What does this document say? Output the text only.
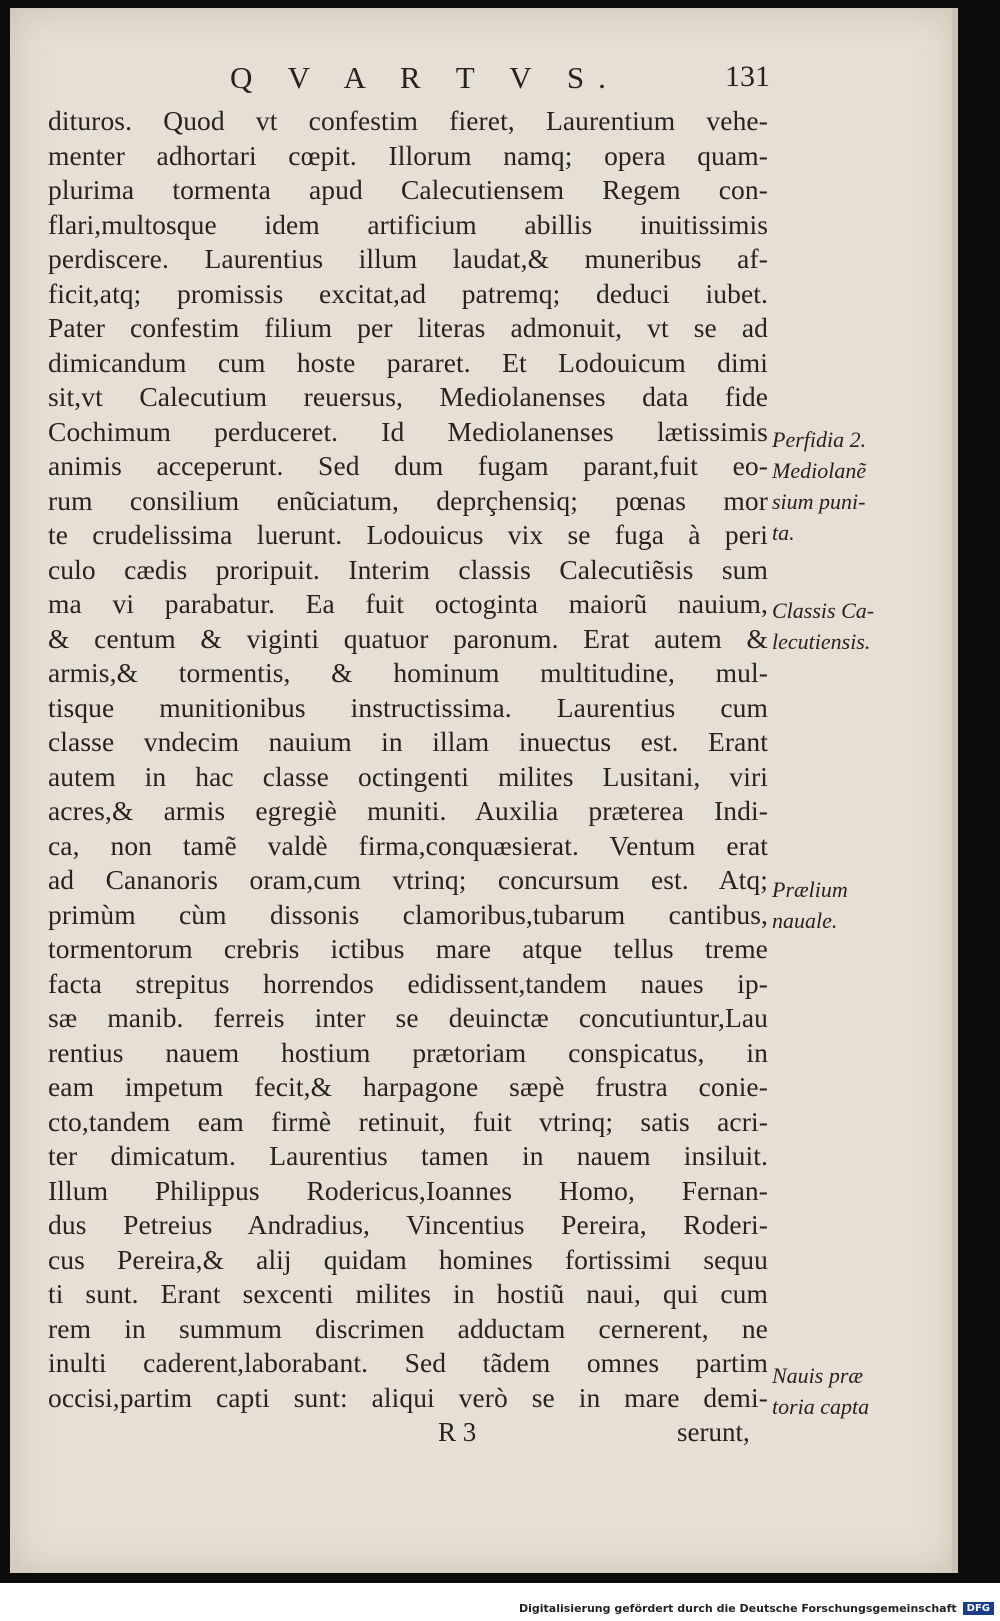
Q V A R T V S.	131
dituros. Quod vt confestim fieret, Laurentium vehe-
menter adhortari cœpit. Illorum namq; opera quam-
plurima tormenta apud Calecutiensem Regem con-
flari,multosque idem artificium abillis inuitissimis
perdiscere. Laurentius illum laudat,& muneribus af-
ficit,atq; promissis excitat,ad patremq; deduci iubet.
Pater confestim filium per literas admonuit, vt se ad
dimicandum cum hoste pararet. Et Lodouicum dimi
sit,vt Calecutium reuersus, Mediolanenses data fide
Cochimum perduceret. Id Mediolanenses lætissimis
animis acceperunt. Sed dum fugam parant,fuit eo-
rum consilium enũciatum, deprçhensiq; pœnas mor
te crudelissima luerunt. Lodouicus vix se fuga à peri
culo cædis proripuit. Interim classis Calecutiẽsis sum
ma vi parabatur. Ea fuit octoginta maiorũ nauium,
& centum & viginti quatuor paronum. Erat autem &
armis,& tormentis, & hominum multitudine, mul-
tisque munitionibus instructissima. Laurentius cum
classe vndecim nauium in illam inuectus est. Erant
autem in hac classe octingenti milites Lusitani, viri
acres,& armis egregiè muniti. Auxilia præterea Indi-
ca, non tamẽ valdè firma,conquæsierat. Ventum erat
ad Cananoris oram,cum vtrinq; concursum est. Atq;
primùm cùm dissonis clamoribus,tubarum cantibus,
tormentorum crebris ictibus mare atque tellus treme
facta strepitus horrendos edidissent,tandem naues ip-
sæ manib. ferreis inter se deuinctæ concutiuntur,Lau
rentius nauem hostium prætoriam conspicatus, in
eam impetum fecit,& harpagone sæpè frustra conie-
cto,tandem eam firmè retinuit, fuit vtrinq; satis acri-
ter dimicatum. Laurentius tamen in nauem insiluit.
Illum Philippus Rodericus,Ioannes Homo, Fernan-
dus Petreius Andradius, Vincentius Pereira, Roderi-
cus Pereira,& alij quidam homines fortissimi sequu
ti sunt. Erant sexcenti milites in hostiũ naui, qui cum
rem in summum discrimen adductam cernerent, ne
inulti caderent,laborabant. Sed tãdem omnes partim
occisi,partim capti sunt: aliqui verò se in mare demi-
Perfidia 2.
Mediolanẽ
sium puni-
ta.
Classis Ca-
lecutiensis.
Prælium
nauale.
Nauis præ
toria capta
R 3	serunt,
Digitalisierung gefördert durch die Deutsche Forschungsgemeinschaft	DFG
